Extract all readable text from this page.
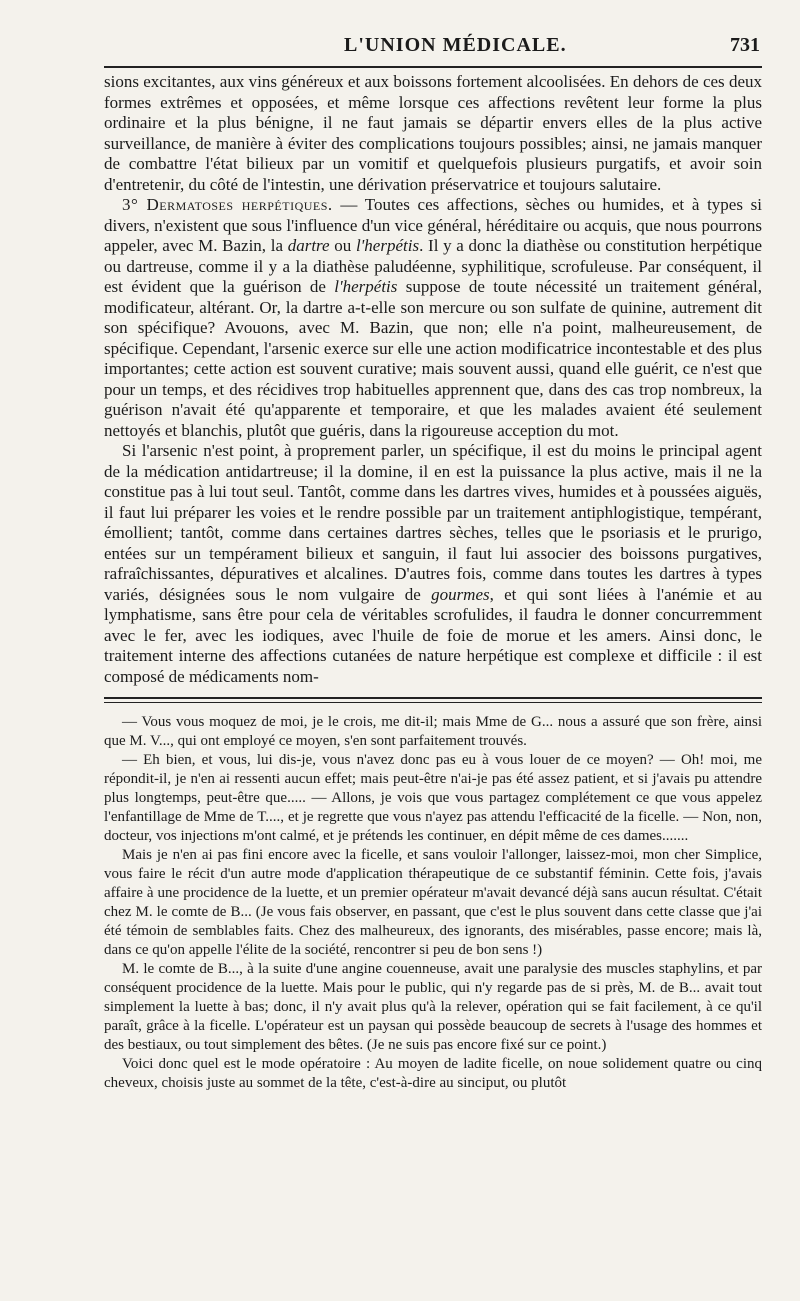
L'UNION MÉDICALE.	731

sions excitantes, aux vins généreux et aux boissons fortement alcoolisées. En dehors de ces deux formes extrêmes et opposées, et même lorsque ces affections revêtent leur forme la plus ordinaire et la plus bénigne, il ne faut jamais se départir envers elles de la plus active surveillance, de manière à éviter des complications toujours possibles; ainsi, ne jamais manquer de combattre l'état bilieux par un vomitif et quelquefois plusieurs purgatifs, et avoir soin d'entretenir, du côté de l'intestin, une dérivation préservatrice et toujours salutaire.

3° Dermatoses herpétiques. — Toutes ces affections, sèches ou humides, et à types si divers, n'existent que sous l'influence d'un vice général, héréditaire ou acquis, que nous pourrons appeler, avec M. Bazin, la dartre ou l'herpétis. Il y a donc la diathèse ou constitution herpétique ou dartreuse, comme il y a la diathèse paludéenne, syphilitique, scrofuleuse. Par conséquent, il est évident que la guérison de l'herpétis suppose de toute nécessité un traitement général, modificateur, altérant. Or, la dartre a-t-elle son mercure ou son sulfate de quinine, autrement dit son spécifique? Avouons, avec M. Bazin, que non; elle n'a point, malheureusement, de spécifique. Cependant, l'arsenic exerce sur elle une action modificatrice incontestable et des plus importantes; cette action est souvent curative; mais souvent aussi, quand elle guérit, ce n'est que pour un temps, et des récidives trop habituelles apprennent que, dans des cas trop nombreux, la guérison n'avait été qu'apparente et temporaire, et que les malades avaient été seulement nettoyés et blanchis, plutôt que guéris, dans la rigoureuse acception du mot.

Si l'arsenic n'est point, à proprement parler, un spécifique, il est du moins le principal agent de la médication antidartreuse; il la domine, il en est la puissance la plus active, mais il ne la constitue pas à lui tout seul. Tantôt, comme dans les dartres vives, humides et à poussées aiguës, il faut lui préparer les voies et le rendre possible par un traitement antiphlogistique, tempérant, émollient; tantôt, comme dans certaines dartres sèches, telles que le psoriasis et le prurigo, entées sur un tempérament bilieux et sanguin, il faut lui associer des boissons purgatives, rafraîchissantes, dépuratives et alcalines. D'autres fois, comme dans toutes les dartres à types variés, désignées sous le nom vulgaire de gourmes, et qui sont liées à l'anémie et au lymphatisme, sans être pour cela de véritables scrofulides, il faudra le donner concurremment avec le fer, avec les iodiques, avec l'huile de foie de morue et les amers. Ainsi donc, le traitement interne des affections cutanées de nature herpétique est complexe et difficile : il est composé de médicaments nom-

— Vous vous moquez de moi, je le crois, me dit-il; mais Mme de G... nous a assuré que son frère, ainsi que M. V..., qui ont employé ce moyen, s'en sont parfaitement trouvés.

— Eh bien, et vous, lui dis-je, vous n'avez donc pas eu à vous louer de ce moyen? — Oh! moi, me répondit-il, je n'en ai ressenti aucun effet; mais peut-être n'ai-je pas été assez patient, et si j'avais pu attendre plus longtemps, peut-être que..... — Allons, je vois que vous partagez complétement ce que vous appelez l'enfantillage de Mme de T...., et je regrette que vous n'ayez pas attendu l'efficacité de la ficelle. — Non, non, docteur, vos injections m'ont calmé, et je prétends les continuer, en dépit même de ces dames.......

Mais je n'en ai pas fini encore avec la ficelle, et sans vouloir l'allonger, laissez-moi, mon cher Simplice, vous faire le récit d'un autre mode d'application thérapeutique de ce substantif féminin. Cette fois, j'avais affaire à une procidence de la luette, et un premier opérateur m'avait devancé déjà sans aucun résultat. C'était chez M. le comte de B... (Je vous fais observer, en passant, que c'est le plus souvent dans cette classe que j'ai été témoin de semblables faits. Chez des malheureux, des ignorants, des misérables, passe encore; mais là, dans ce qu'on appelle l'élite de la société, rencontrer si peu de bon sens !)

M. le comte de B..., à la suite d'une angine couenneuse, avait une paralysie des muscles staphylins, et par conséquent procidence de la luette. Mais pour le public, qui n'y regarde pas de si près, M. de B... avait tout simplement la luette à bas; donc, il n'y avait plus qu'à la relever, opération qui se fait facilement, à ce qu'il paraît, grâce à la ficelle. L'opérateur est un paysan qui possède beaucoup de secrets à l'usage des hommes et des bestiaux, ou tout simplement des bêtes. (Je ne suis pas encore fixé sur ce point.)

Voici donc quel est le mode opératoire : Au moyen de ladite ficelle, on noue solidement quatre ou cinq cheveux, choisis juste au sommet de la tête, c'est-à-dire au sinciput, ou plutôt
